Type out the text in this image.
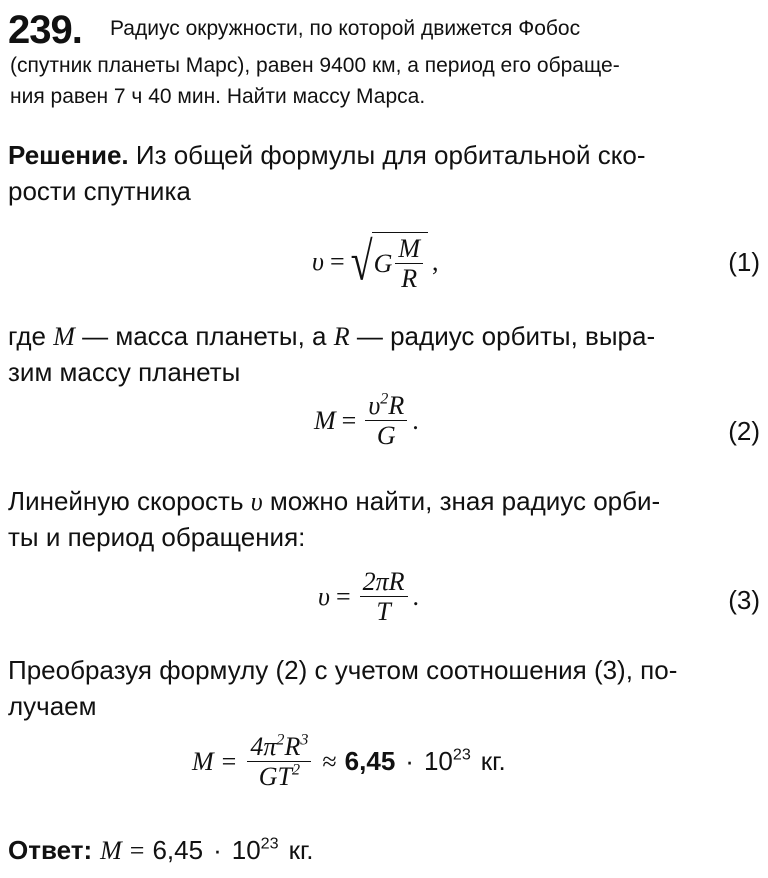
239. Радиус окружности, по которой движется Фобос
(спутник планеты Марс), равен 9400 км, а период его обраще-
ния равен 7 ч 40 мин. Найти массу Марса.
Решение. Из общей формулы для орбитальной ско-
рости спутника
υ = √ G $\frac{M}{R}$ ,	(1)
где M — масса планеты, а R — радиус орбиты, выра-
зим массу планеты
$M = \frac{\upsilon^2R}{G}$ .	(2)
Линейную скорость υ можно найти, зная радиус орби-
ты и период обращения:
$\upsilon = \frac{2\pi R}{T}$ .	(3)
Преобразуя формулу (2) с учетом соотношения (3), по-
лучаем
$M = \frac{4\pi^2R^3}{GT^2} \approx 6,45 \cdot 10^{23}$ кг.
Ответ: $M = 6,45 \cdot 10^{23}$ кг.
